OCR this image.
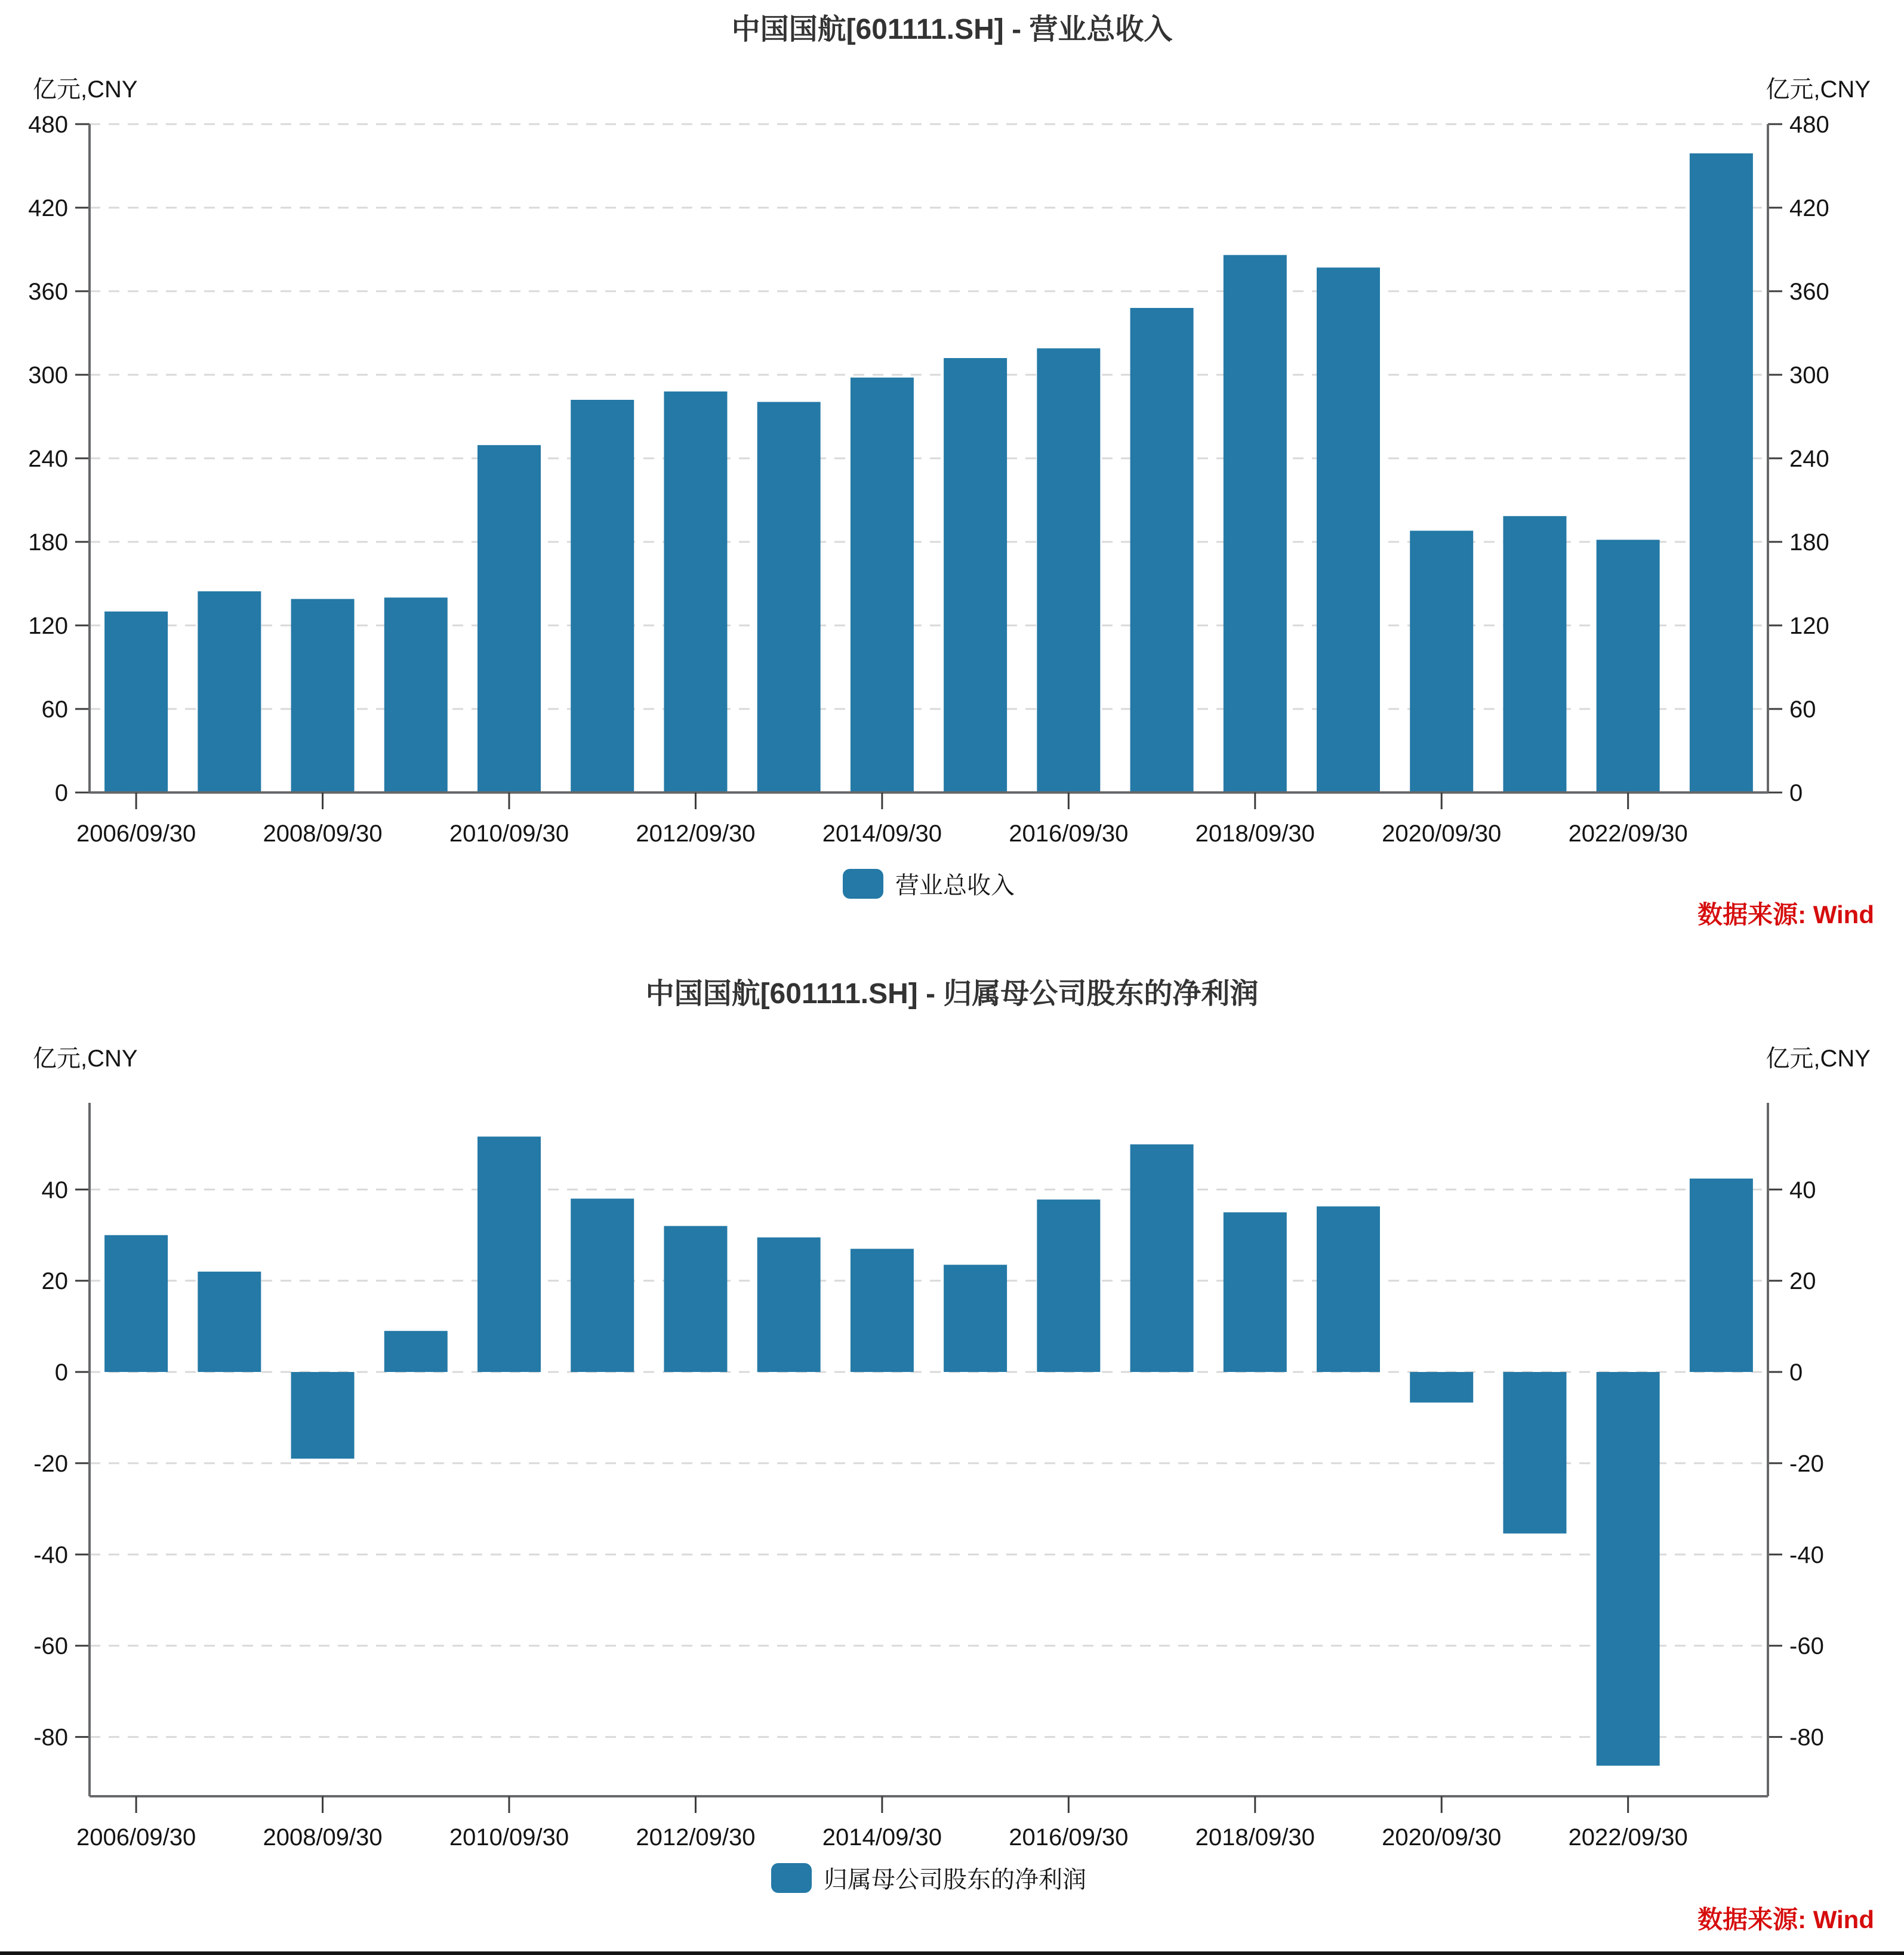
中国国航[601111.SH] - 营业总收入
亿元,CNY	亿元,CNY
0	0
60	60
120	120
180	180
240	240
300	300
360	360
420	420
480	480
2006/09/30	2008/09/30	2010/09/30	2012/09/30	2014/09/30	2016/09/30	2018/09/30	2020/09/30	2022/09/30
营业总收入
数据来源: Wind
中国国航[601111.SH] - 归属母公司股东的净利润
亿元,CNY	亿元,CNY
-80	-80
-60	-60
-40	-40
-20	-20
0	0
20	20
40	40
2006/09/30	2008/09/30	2010/09/30	2012/09/30	2014/09/30	2016/09/30	2018/09/30	2020/09/30	2022/09/30
归属母公司股东的净利润
数据来源: Wind
